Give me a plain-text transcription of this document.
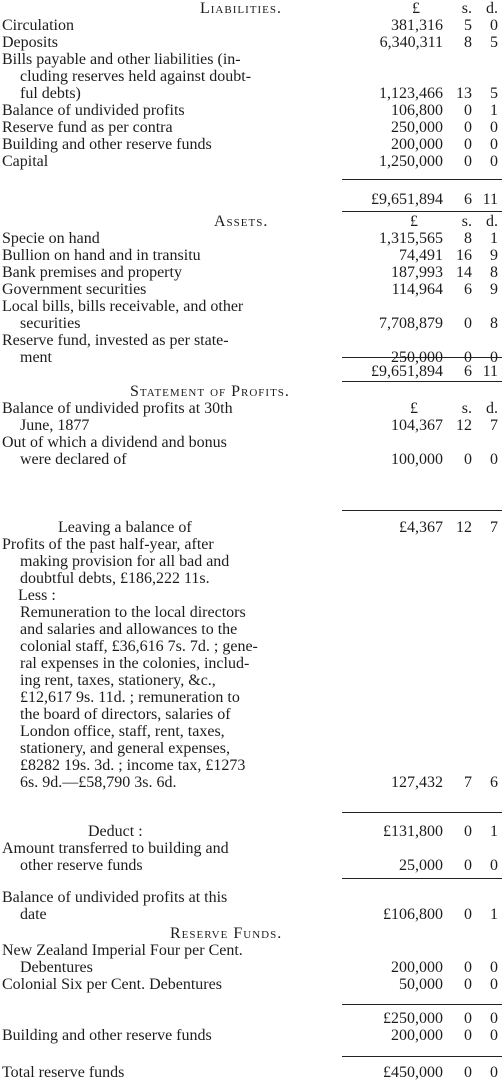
Liabilities.	£	s. d.
Circulation	381,316 5 0
Deposits	6,340,311 8 5
Bills payable and other liabilities (in-
cluding reserves held against doubt-
ful debts)	1,123,466 13 5
Balance of undivided profits	106,800 0 1
Reserve fund as per contra	250,000 0 0
Building and other reserve funds	200,000 0 0
Capital	1,250,000 0 0
£9,651,894 6 11
Assets.	£	s. d.
Specie on hand	1,315,565 8 1
Bullion on hand and in transitu	74,491 16 9
Bank premises and property	187,993 14 8
Government securities	114,964 6 9
Local bills, bills receivable, and other
securities	7,708,879 0 8
Reserve fund, invested as per state-
ment	250,000 0 0
£9,651,894 6 11
Statement of Profits.
£	s. d.
Balance of undivided profits at 30th
June, 1877	104,367 12 7
Out of which a dividend and bonus
were declared of	100,000 0 0
Leaving a balance of	£4,367 12 7
Profits of the past half-year, after
making provision for all bad and
doubtful debts, £186,222 11s.
Less :
Remuneration to the local directors
and salaries and allowances to the
colonial staff, £36,616 7s. 7d. ; gene-
ral expenses in the colonies, includ-
ing rent, taxes, stationery, &c.,
£12,617 9s. 11d. ; remuneration to
the board of directors, salaries of
London office, staff, rent, taxes,
stationery, and general expenses,
£8282 19s. 3d. ; income tax, £1273
6s. 9d.—£58,790 3s. 6d.	127,432 7 6
Deduct :	£131,800 0 1
Amount transferred to building and
other reserve funds	25,000 0 0
Balance of undivided profits at this
date	£106,800 0 1
Reserve Funds.
New Zealand Imperial Four per Cent.
Debentures	200,000 0 0
Colonial Six per Cent. Debentures	50,000 0 0
£250,000 0 0
Building and other reserve funds	200,000 0 0
Total reserve funds	£450,000 0 0
